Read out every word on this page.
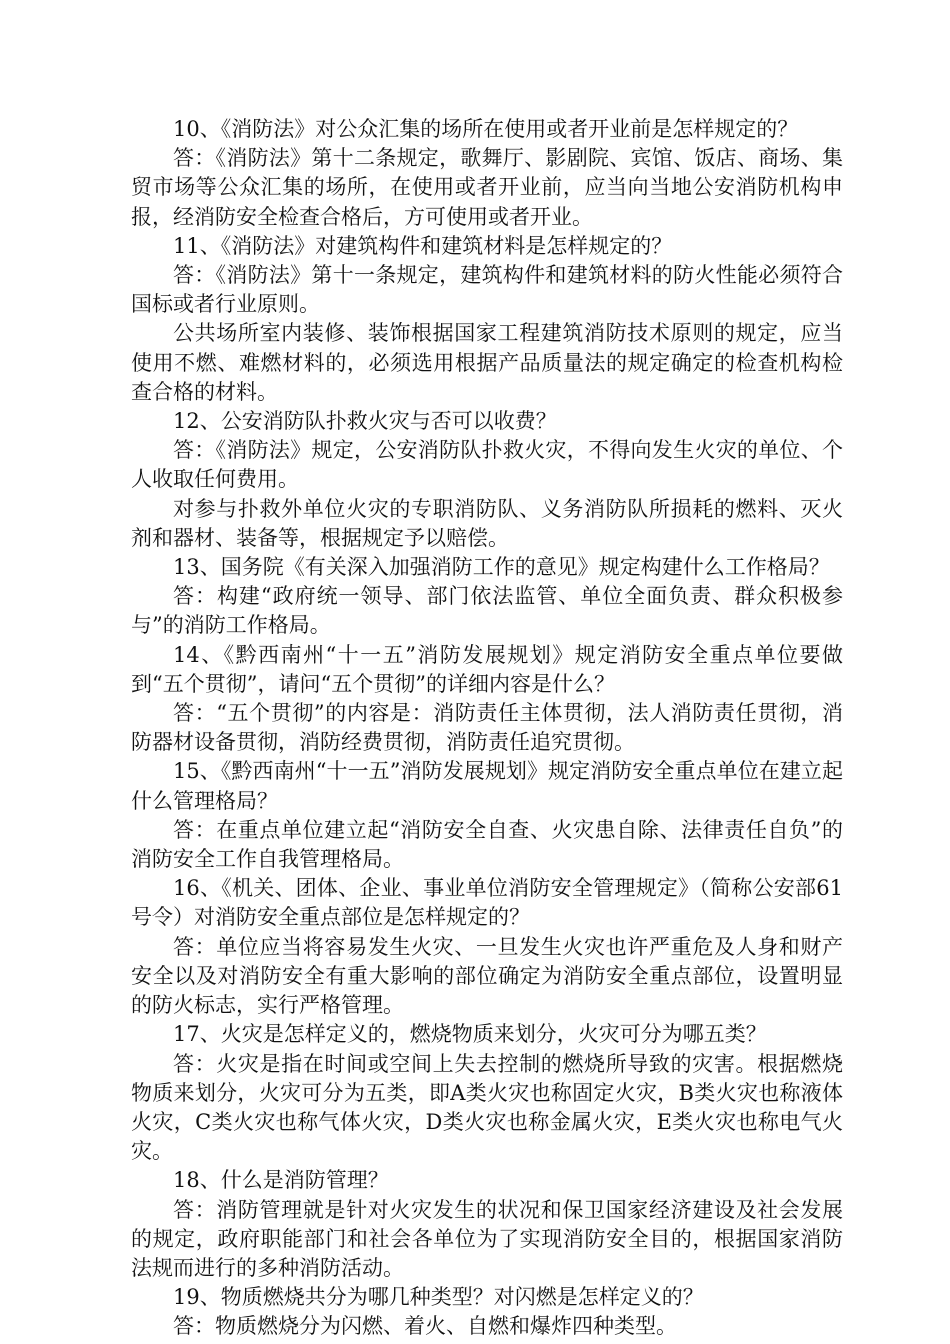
10、《消防法》对公众汇集的场所在使用或者开业前是怎样规定的？

答：《消防法》第十二条规定，歌舞厅、影剧院、宾馆、饭店、商场、集贸市场等公众汇集的场所，在使用或者开业前，应当向当地公安消防机构申报，经消防安全检查合格后，方可使用或者开业。

11、《消防法》对建筑构件和建筑材料是怎样规定的？

答：《消防法》第十一条规定，建筑构件和建筑材料的防火性能必须符合国标或者行业原则。

公共场所室内装修、装饰根据国家工程建筑消防技术原则的规定，应当使用不燃、难燃材料的，必须选用根据产品质量法的规定确定的检查机构检查合格的材料。

12、公安消防队扑救火灾与否可以收费？

答：《消防法》规定，公安消防队扑救火灾，不得向发生火灾的单位、个人收取任何费用。

对参与扑救外单位火灾的专职消防队、义务消防队所损耗的燃料、灭火剂和器材、装备等，根据规定予以赔偿。

13、国务院《有关深入加强消防工作的意见》规定构建什么工作格局？

答：构建“政府统一领导、部门依法监管、单位全面负责、群众积极参与”的消防工作格局。

14、《黔西南州“十一五”消防发展规划》规定消防安全重点单位要做到“五个贯彻”，请问“五个贯彻”的详细内容是什么？

答：“五个贯彻”的内容是：消防责任主体贯彻，法人消防责任贯彻，消防器材设备贯彻，消防经费贯彻，消防责任追究贯彻。

15、《黔西南州“十一五”消防发展规划》规定消防安全重点单位在建立起什么管理格局？

答：在重点单位建立起“消防安全自查、火灾患自除、法律责任自负”的消防安全工作自我管理格局。

16、《机关、团体、企业、事业单位消防安全管理规定》（简称公安部61号令）对消防安全重点部位是怎样规定的？

答：单位应当将容易发生火灾、一旦发生火灾也许严重危及人身和财产安全以及对消防安全有重大影响的部位确定为消防安全重点部位，设置明显的防火标志，实行严格管理。

17、火灾是怎样定义的，燃烧物质来划分，火灾可分为哪五类？

答：火灾是指在时间或空间上失去控制的燃烧所导致的灾害。根据燃烧物质来划分，火灾可分为五类，即A类火灾也称固定火灾，B类火灾也称液体火灾，C类火灾也称气体火灾，D类火灾也称金属火灾，E类火灾也称电气火灾。

18、什么是消防管理？

答：消防管理就是针对火灾发生的状况和保卫国家经济建设及社会发展的规定，政府职能部门和社会各单位为了实现消防安全目的，根据国家消防法规而进行的多种消防活动。

19、物质燃烧共分为哪几种类型？对闪燃是怎样定义的？

答：物质燃烧分为闪燃、着火、自燃和爆炸四种类型。
